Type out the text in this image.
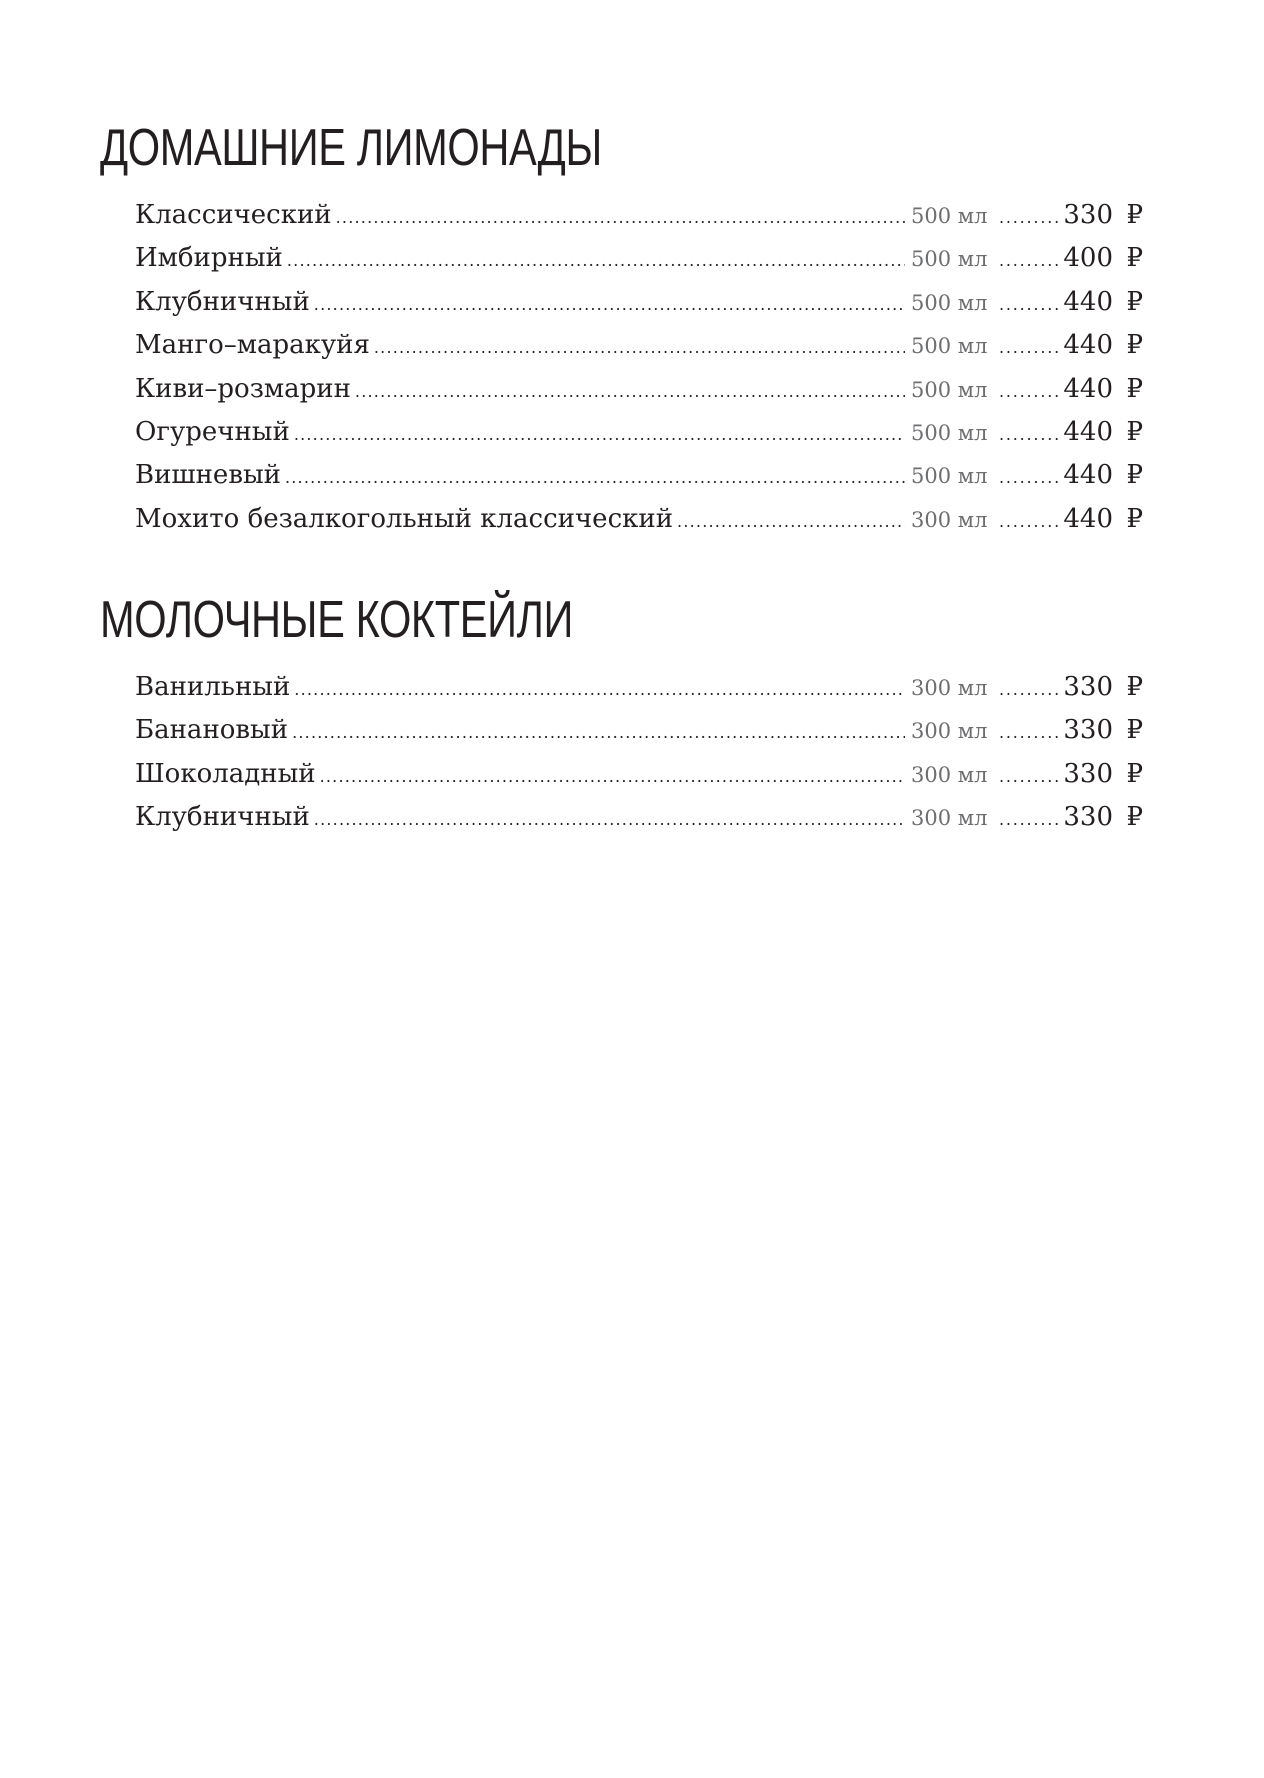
ДОМАШНИЕ ЛИМОНАДЫ
Классический .....	500 мл .....	330 ₽
Имбирный .....	500 мл .....	400 ₽
Клубничный .....	500 мл .....	440 ₽
Манго–маракуйя .....	500 мл .....	440 ₽
Киви–розмарин .....	500 мл .....	440 ₽
Огуречный .....	500 мл .....	440 ₽
Вишневый .....	500 мл .....	440 ₽
Мохито безалкогольный классический .....	300 мл .....	440 ₽
МОЛОЧНЫЕ КОКТЕЙЛИ
Ванильный .....	300 мл .....	330 ₽
Банановый .....	300 мл .....	330 ₽
Шоколадный .....	300 мл .....	330 ₽
Клубничный .....	300 мл .....	330 ₽
